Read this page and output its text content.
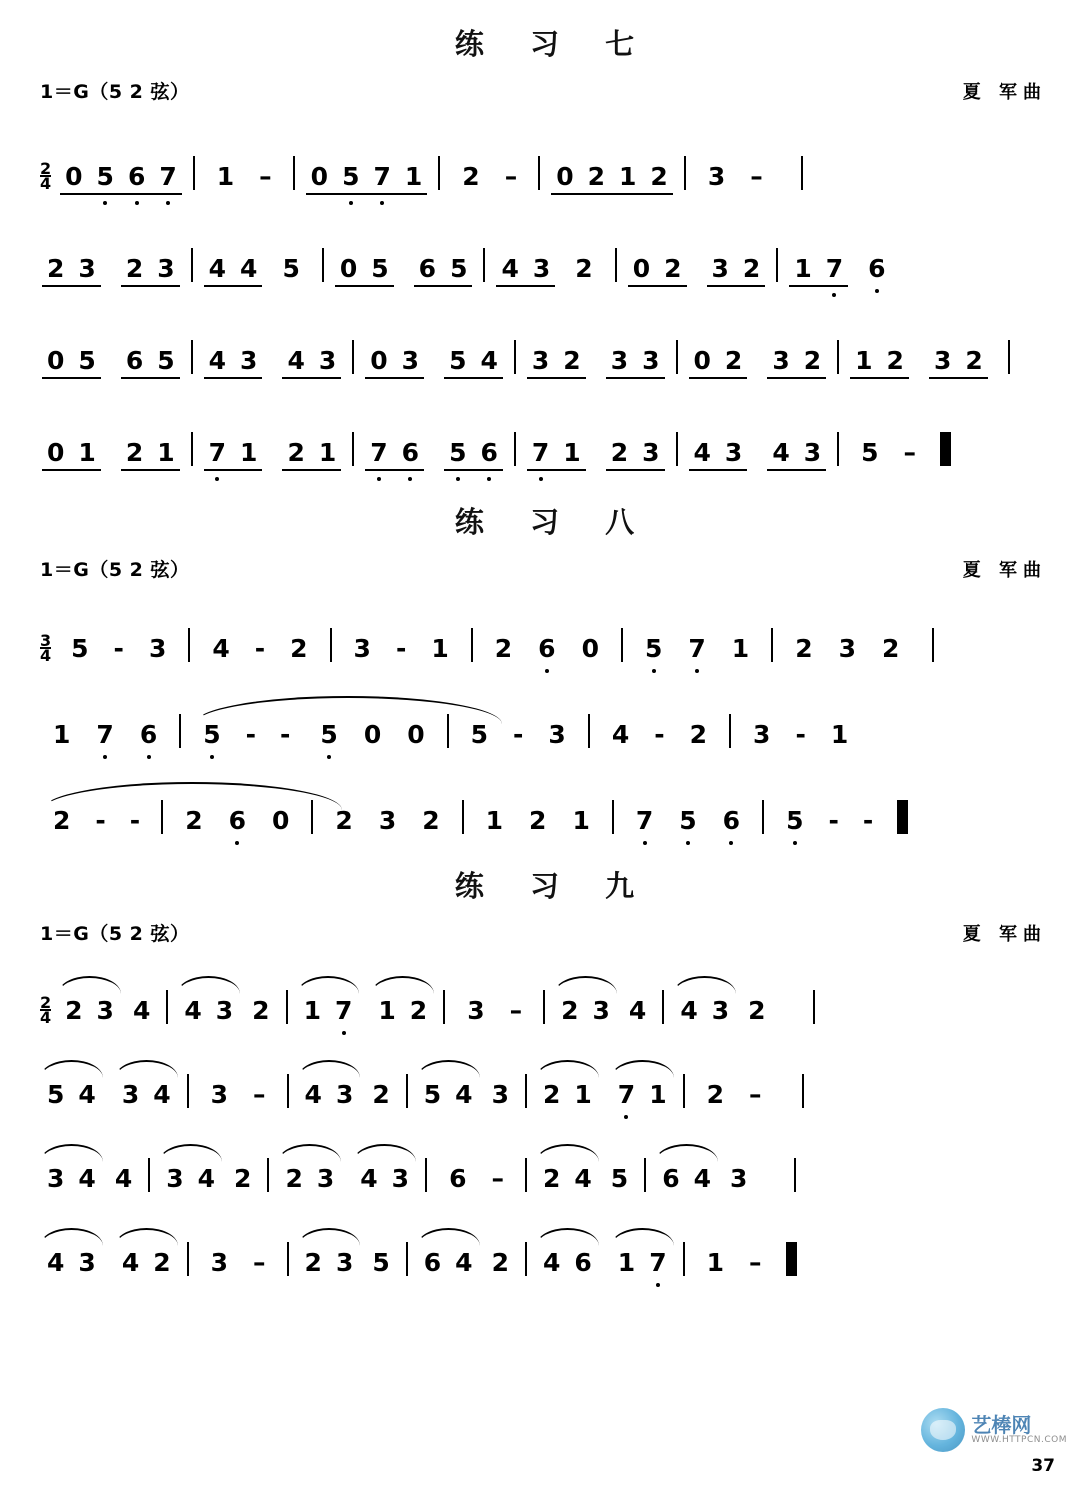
练 习 七
1＝G（5 2 弦）	夏 军曲
2
4 0 5 6 7 1 – 0 5 7 1 2 – 0 2 1 2 3 –
2 3 2 3 4 4 5 0 5 6 5 4 3 2 0 2 3 2 1 7 6
0 5 6 5 4 3 4 3 0 3 5 4 3 2 3 3 0 2 3 2 1 2 3 2
0 1 2 1 7 1 2 1 7 6 5 6 7 1 2 3 4 3 4 3 5 –
练 习 八
1＝G（5 2 弦）	夏 军曲
3
4 5 - 3 4 - 2 3 - 1 2 6 0 5 7 1 2 3 2
1 7 6 5 - - 5 0 0 5 - 3 4 - 2 3 - 1
2 - - 2 6 0 2 3 2 1 2 1 7 5 6 5 - -
练 习 九
1＝G（5 2 弦）	夏 军曲
2
4 2 3 4 4 3 2 1 7 1 2 3 – 2 3 4 4 3 2
5 4 3 4 3 – 4 3 2 5 4 3 2 1 7 1 2 –
3 4 4 3 4 2 2 3 4 3 6 – 2 4 5 6 4 3
4 3 4 2 3 – 2 3 5 6 4 2 4 6 1 7 1 –
艺棒网
WWW.HTTPCN.COM
37
